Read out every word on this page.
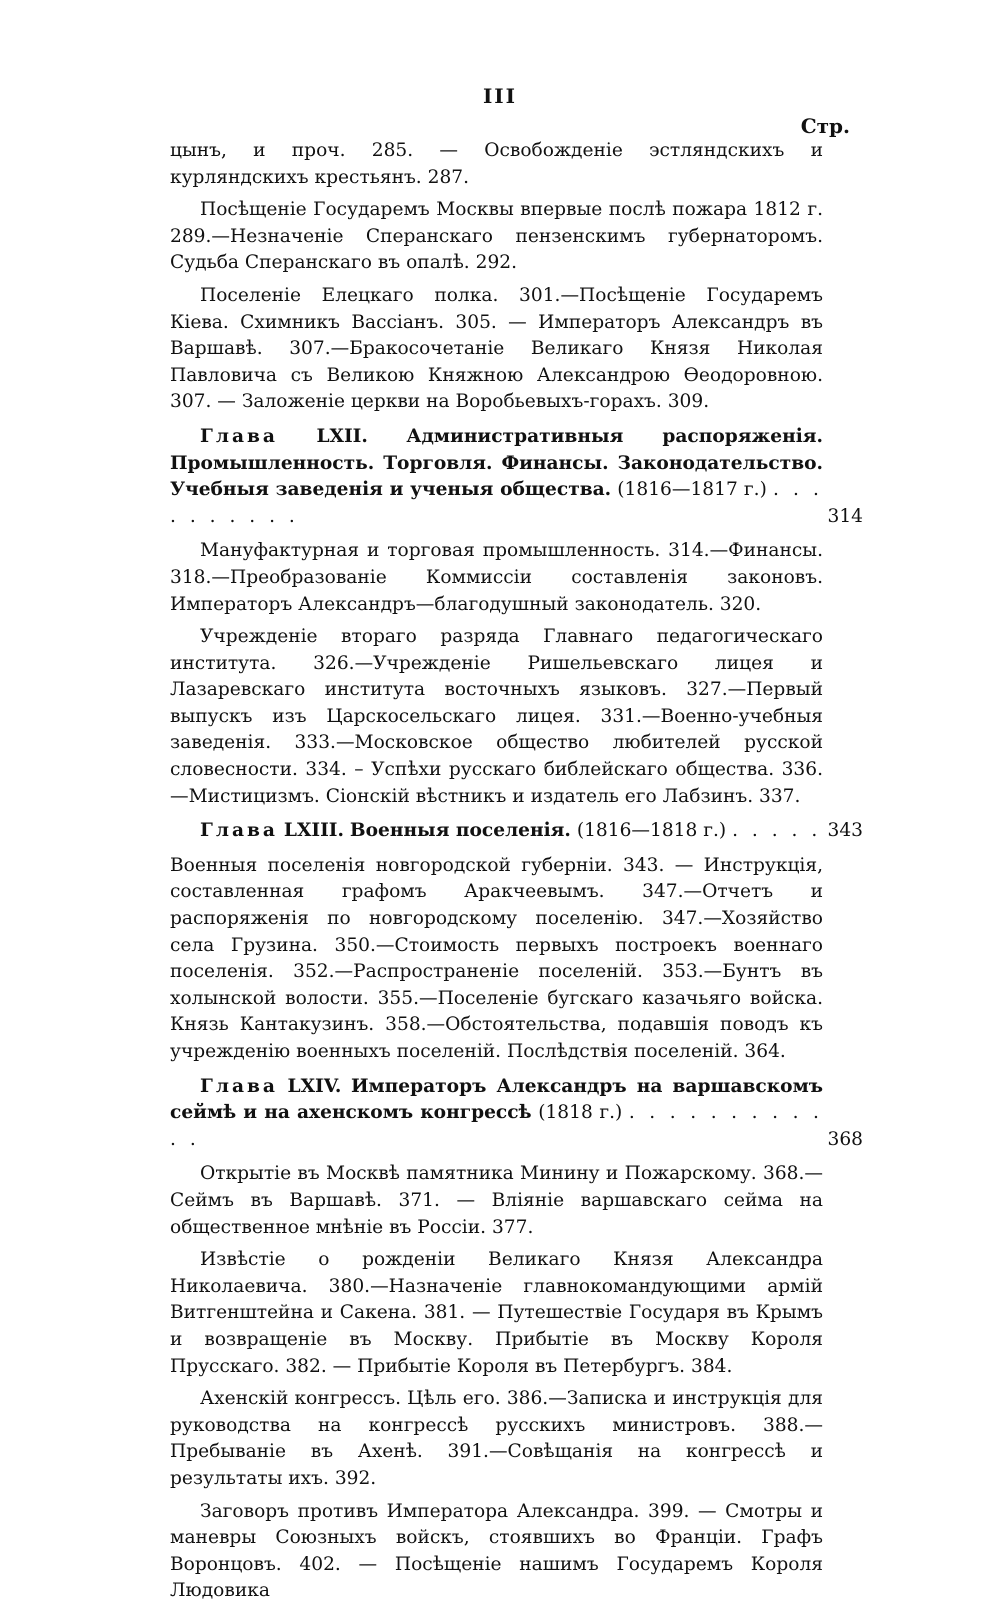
III
Стр.

цынъ, и проч. 285. — Освобожденіе эстляндскихъ и курляндскихъ крестьянъ. 287.

Посѣщеніе Государемъ Москвы впервые послѣ пожара 1812 г. 289.—Незначеніе Сперанскаго пензенскимъ губернаторомъ. Судьба Сперанскаго въ опалѣ. 292.

Поселеніе Елецкаго полка. 301.—Посѣщеніе Государемъ Кіева. Схимникъ Вассіанъ. 305. — Императоръ Александръ въ Варшавѣ. 307.—Бракосочетаніе Великаго Князя Николая Павловича съ Великою Княжною Александрою Ѳеодоровною. 307. — Заложеніе церкви на Воробьевыхъ-горахъ. 309.

Глава LXII. Административныя распоряженія. Промышленность. Торговля. Финансы. Законодательство. Учебныя заведенія и ученыя общества. (1816—1817 г.) . . . . . . . . . .	314

Мануфактурная и торговая промышленность. 314.—Финансы. 318.—Преобразованіе Коммиссіи составленія законовъ. Императоръ Александръ—благодушный законодатель. 320.

Учрежденіе втораго разряда Главнаго педагогическаго института. 326.—Учрежденіе Ришельевскаго лицея и Лазаревскаго института восточныхъ языковъ. 327.—Первый выпускъ изъ Царскосельскаго лицея. 331.—Военно-учебныя заведенія. 333.—Московское общество любителей русской словесности. 334. – Успѣхи русскаго библейскаго общества. 336.—Мистицизмъ. Сіонскій вѣстникъ и издатель его Лабзинъ. 337.

Глава LXIII. Военныя поселенія. (1816—1818 г.) . . . . . 343

Военныя поселенія новгородской губерніи. 343. — Инструкція, составленная графомъ Аракчеевымъ. 347.—Отчетъ и распоряженія по новгородскому поселенію. 347.—Хозяйство села Грузина. 350.—Стоимость первыхъ построекъ военнаго поселенія. 352.—Распространеніе поселеній. 353.—Бунтъ въ холынской волости. 355.—Поселеніе бугскаго казачьяго войска. Князь Кантакузинъ. 358.—Обстоятельства, подавшія поводъ къ учрежденію военныхъ поселеній. Послѣдствія поселеній. 364.

Глава LXIV. Императоръ Александръ на варшавскомъ сеймѣ и на ахенскомъ конгрессѣ (1818 г.) . . . . . . . . . . . .	368

Открытіе въ Москвѣ памятника Минину и Пожарскому. 368.—Сеймъ въ Варшавѣ. 371. — Вліяніе варшавскаго сейма на общественное мнѣніе въ Россіи. 377.

Извѣстіе о рожденіи Великаго Князя Александра Николаевича. 380.—Назначеніе главнокомандующими армій Витгенштейна и Сакена. 381. — Путешествіе Государя въ Крымъ и возвращеніе въ Москву. Прибытіе въ Москву Короля Прусскаго. 382. — Прибытіе Короля въ Петербургъ. 384.

Ахенскій конгрессъ. Цѣль его. 386.—Записка и инструкція для руководства на конгрессѣ русскихъ министровъ. 388.—Пребываніе въ Ахенѣ. 391.—Совѣщанія на конгрессѣ и результаты ихъ. 392.

Заговоръ противъ Императора Александра. 399. — Смотры и маневры Союзныхъ войскъ, стоявшихъ во Франціи. Графъ Воронцовъ. 402. — Посѣщеніе нашимъ Государемъ Короля Людовика
